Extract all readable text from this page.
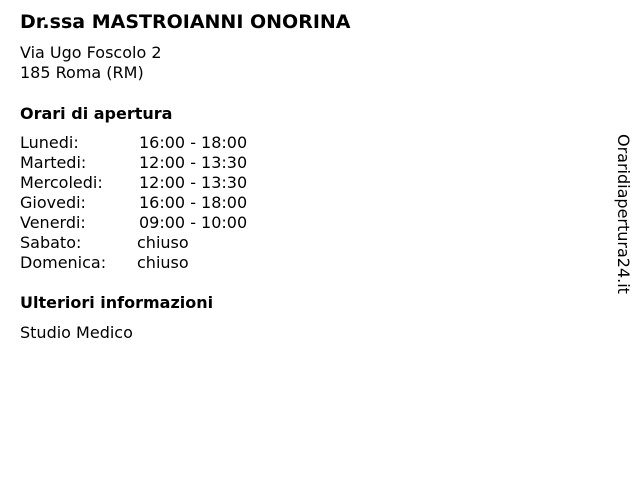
Dr.ssa MASTROIANNI ONORINA
Via Ugo Foscolo 2
185 Roma (RM)
Orari di apertura
Lunedi:	16:00 - 18:00
Martedi:	12:00 - 13:30
Mercoledi: 12:00 - 13:30
Giovedi:	16:00 - 18:00
Venerdi:	09:00 - 10:00
Sabato:	chiuso
Domenica: chiuso
Ulteriori informazioni
Studio Medico
Oraridiapertura24.it
